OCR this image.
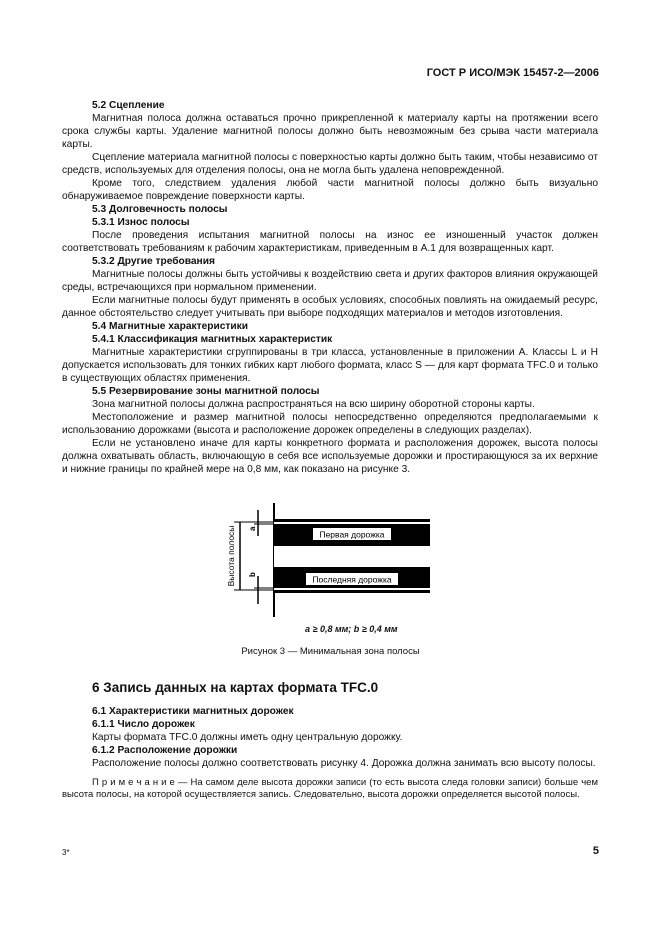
ГОСТ Р ИСО/МЭК 15457-2—2006

5.2 Сцепление

Магнитная полоса должна оставаться прочно прикрепленной к материалу карты на протяжении всего срока службы карты. Удаление магнитной полосы должно быть невозможным без срыва части материала карты.

Сцепление материала магнитной полосы с поверхностью карты должно быть таким, чтобы независимо от средств, используемых для отделения полосы, она не могла быть удалена неповрежденной.

Кроме того, следствием удаления любой части магнитной полосы должно быть визуально обнаруживаемое повреждение поверхности карты.

5.3 Долговечность полосы

5.3.1 Износ полосы

После проведения испытания магнитной полосы на износ ее изношенный участок должен соответствовать требованиям к рабочим характеристикам, приведенным в А.1 для возвращенных карт.

5.3.2 Другие требования

Магнитные полосы должны быть устойчивы к воздействию света и других факторов влияния окружающей среды, встречающихся при нормальном применении.

Если магнитные полосы будут применять в особых условиях, способных повлиять на ожидаемый ресурс, данное обстоятельство следует учитывать при выборе подходящих материалов и методов изготовления.

5.4 Магнитные характеристики

5.4.1 Классификация магнитных характеристик

Магнитные характеристики сгруппированы в три класса, установленные в приложении А. Классы L и Н допускается использовать для тонких гибких карт любого формата, класс S — для карт формата TFC.0 и только в существующих областях применения.

5.5 Резервирование зоны магнитной полосы

Зона магнитной полосы должна распространяться на всю ширину оборотной стороны карты.

Местоположение и размер магнитной полосы непосредственно определяются предполагаемыми к использованию дорожками (высота и расположение дорожек определены в следующих разделах).

Если не установлено иначе для карты конкретного формата и расположения дорожек, высота полосы должна охватывать область, включающую в себя все используемые дорожки и простирающуюся за их верхние и нижние границы по крайней мере на 0,8 мм, как показано на рисунке 3.

Первая дорожка
Последняя дорожка
a
b
Высота полосы
a ≥ 0,8 мм; b ≥ 0,4 мм
Рисунок 3 — Минимальная зона полосы
6 Запись данных на картах формата TFC.0

6.1 Характеристики магнитных дорожек

6.1.1 Число дорожек

Карты формата TFC.0 должны иметь одну центральную дорожку.

6.1.2 Расположение дорожки

Расположение полосы должно соответствовать рисунку 4. Дорожка должна занимать всю высоту полосы.

П р и м е ч а н и е — На самом деле высота дорожки записи (то есть высота следа головки записи) больше чем высота полосы, на которой осуществляется запись. Следовательно, высота дорожки определяется высотой полосы.

3*	5
